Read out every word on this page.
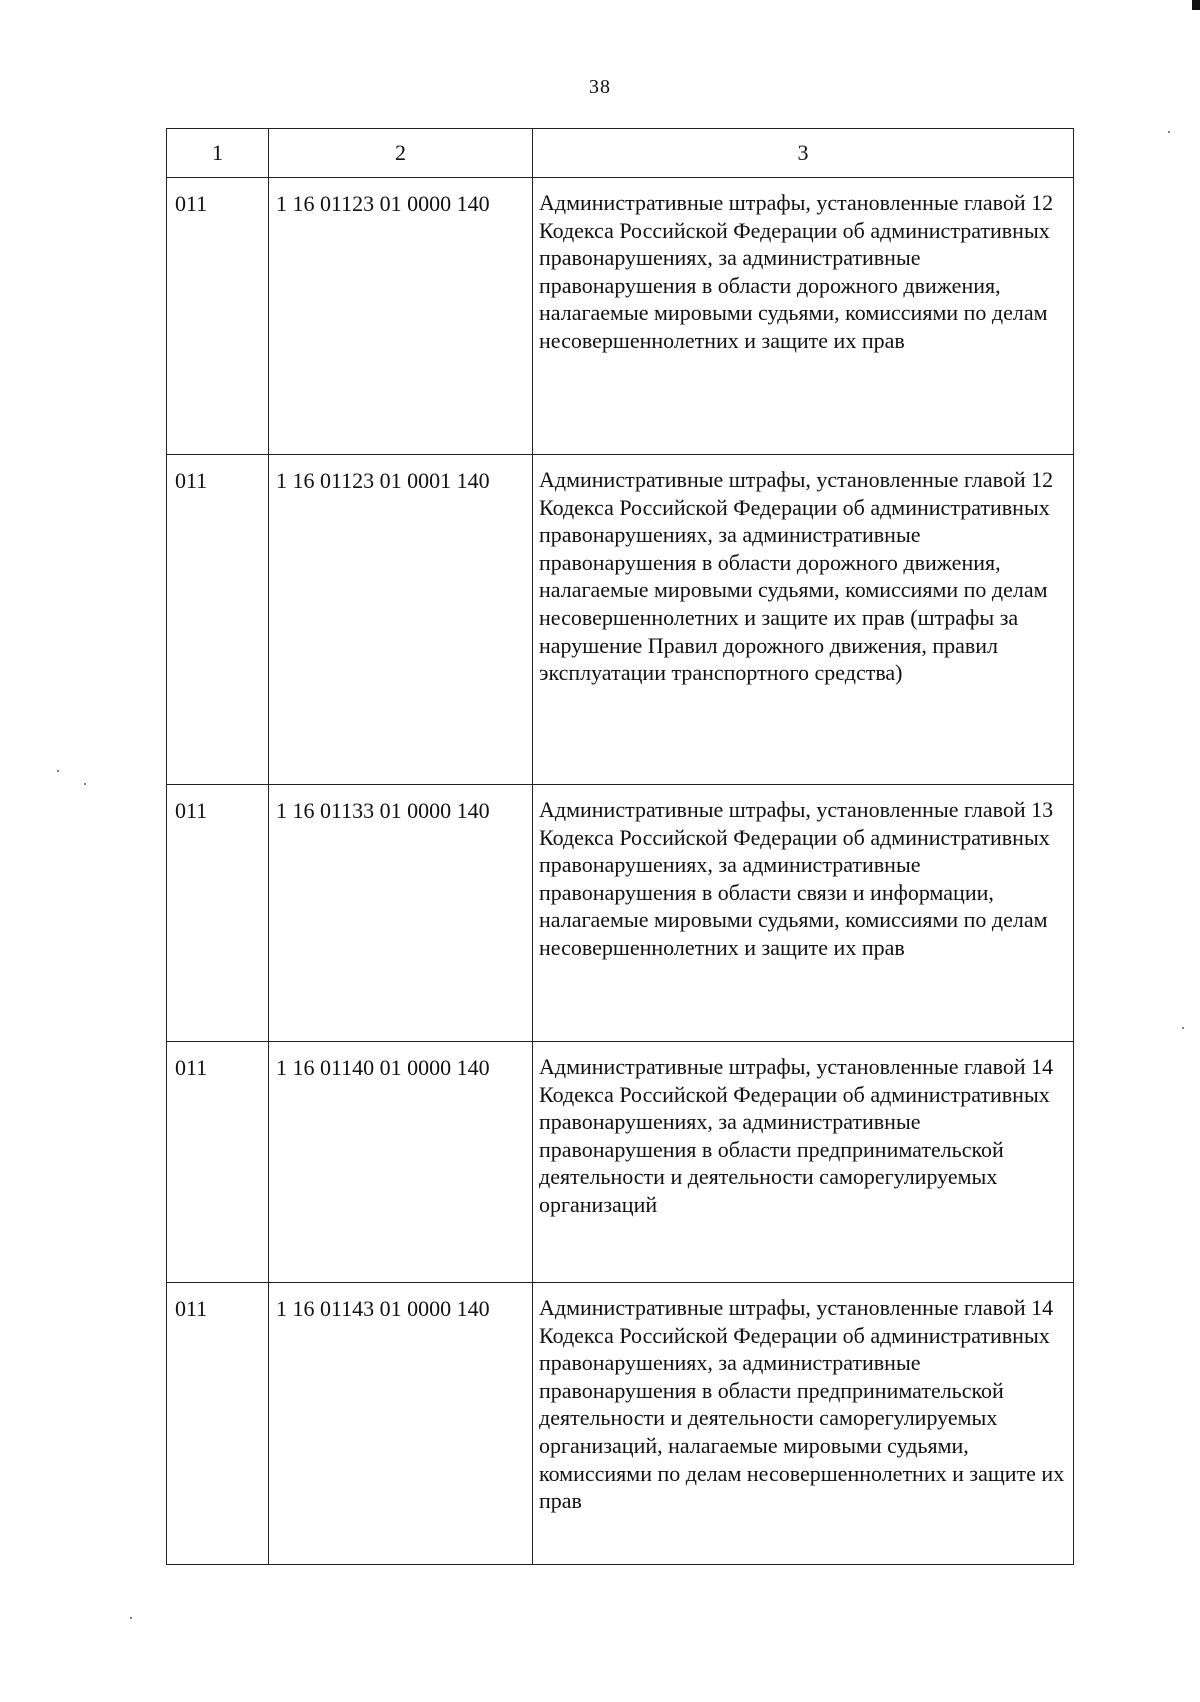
38
1	2	3
011	1 16 01123 01 0000 140	Административные штрафы, установленные главой 12 Кодекса Российской Федерации об административных правонарушениях, за административные правонарушения в области дорожного движения, налагаемые мировыми судьями, комиссиями по делам несовершеннолетних и защите их прав
011	1 16 01123 01 0001 140	Административные штрафы, установленные главой 12 Кодекса Российской Федерации об административных правонарушениях, за административные правонарушения в области дорожного движения, налагаемые мировыми судьями, комиссиями по делам несовершеннолетних и защите их прав (штрафы за нарушение Правил дорожного движения, правил эксплуатации транспортного средства)
011	1 16 01133 01 0000 140	Административные штрафы, установленные главой 13 Кодекса Российской Федерации об административных правонарушениях, за административные правонарушения в области связи и информации, налагаемые мировыми судьями, комиссиями по делам несовершеннолетних и защите их прав
011	1 16 01140 01 0000 140	Административные штрафы, установленные главой 14 Кодекса Российской Федерации об административных правонарушениях, за административные правонарушения в области предпринимательской деятельности и деятельности саморегулируемых организаций
011	1 16 01143 01 0000 140	Административные штрафы, установленные главой 14 Кодекса Российской Федерации об административных правонарушениях, за административные правонарушения в области предпринимательской деятельности и деятельности саморегулируемых организаций, налагаемые мировыми судьями, комиссиями по делам несовершеннолетних и защите их прав
